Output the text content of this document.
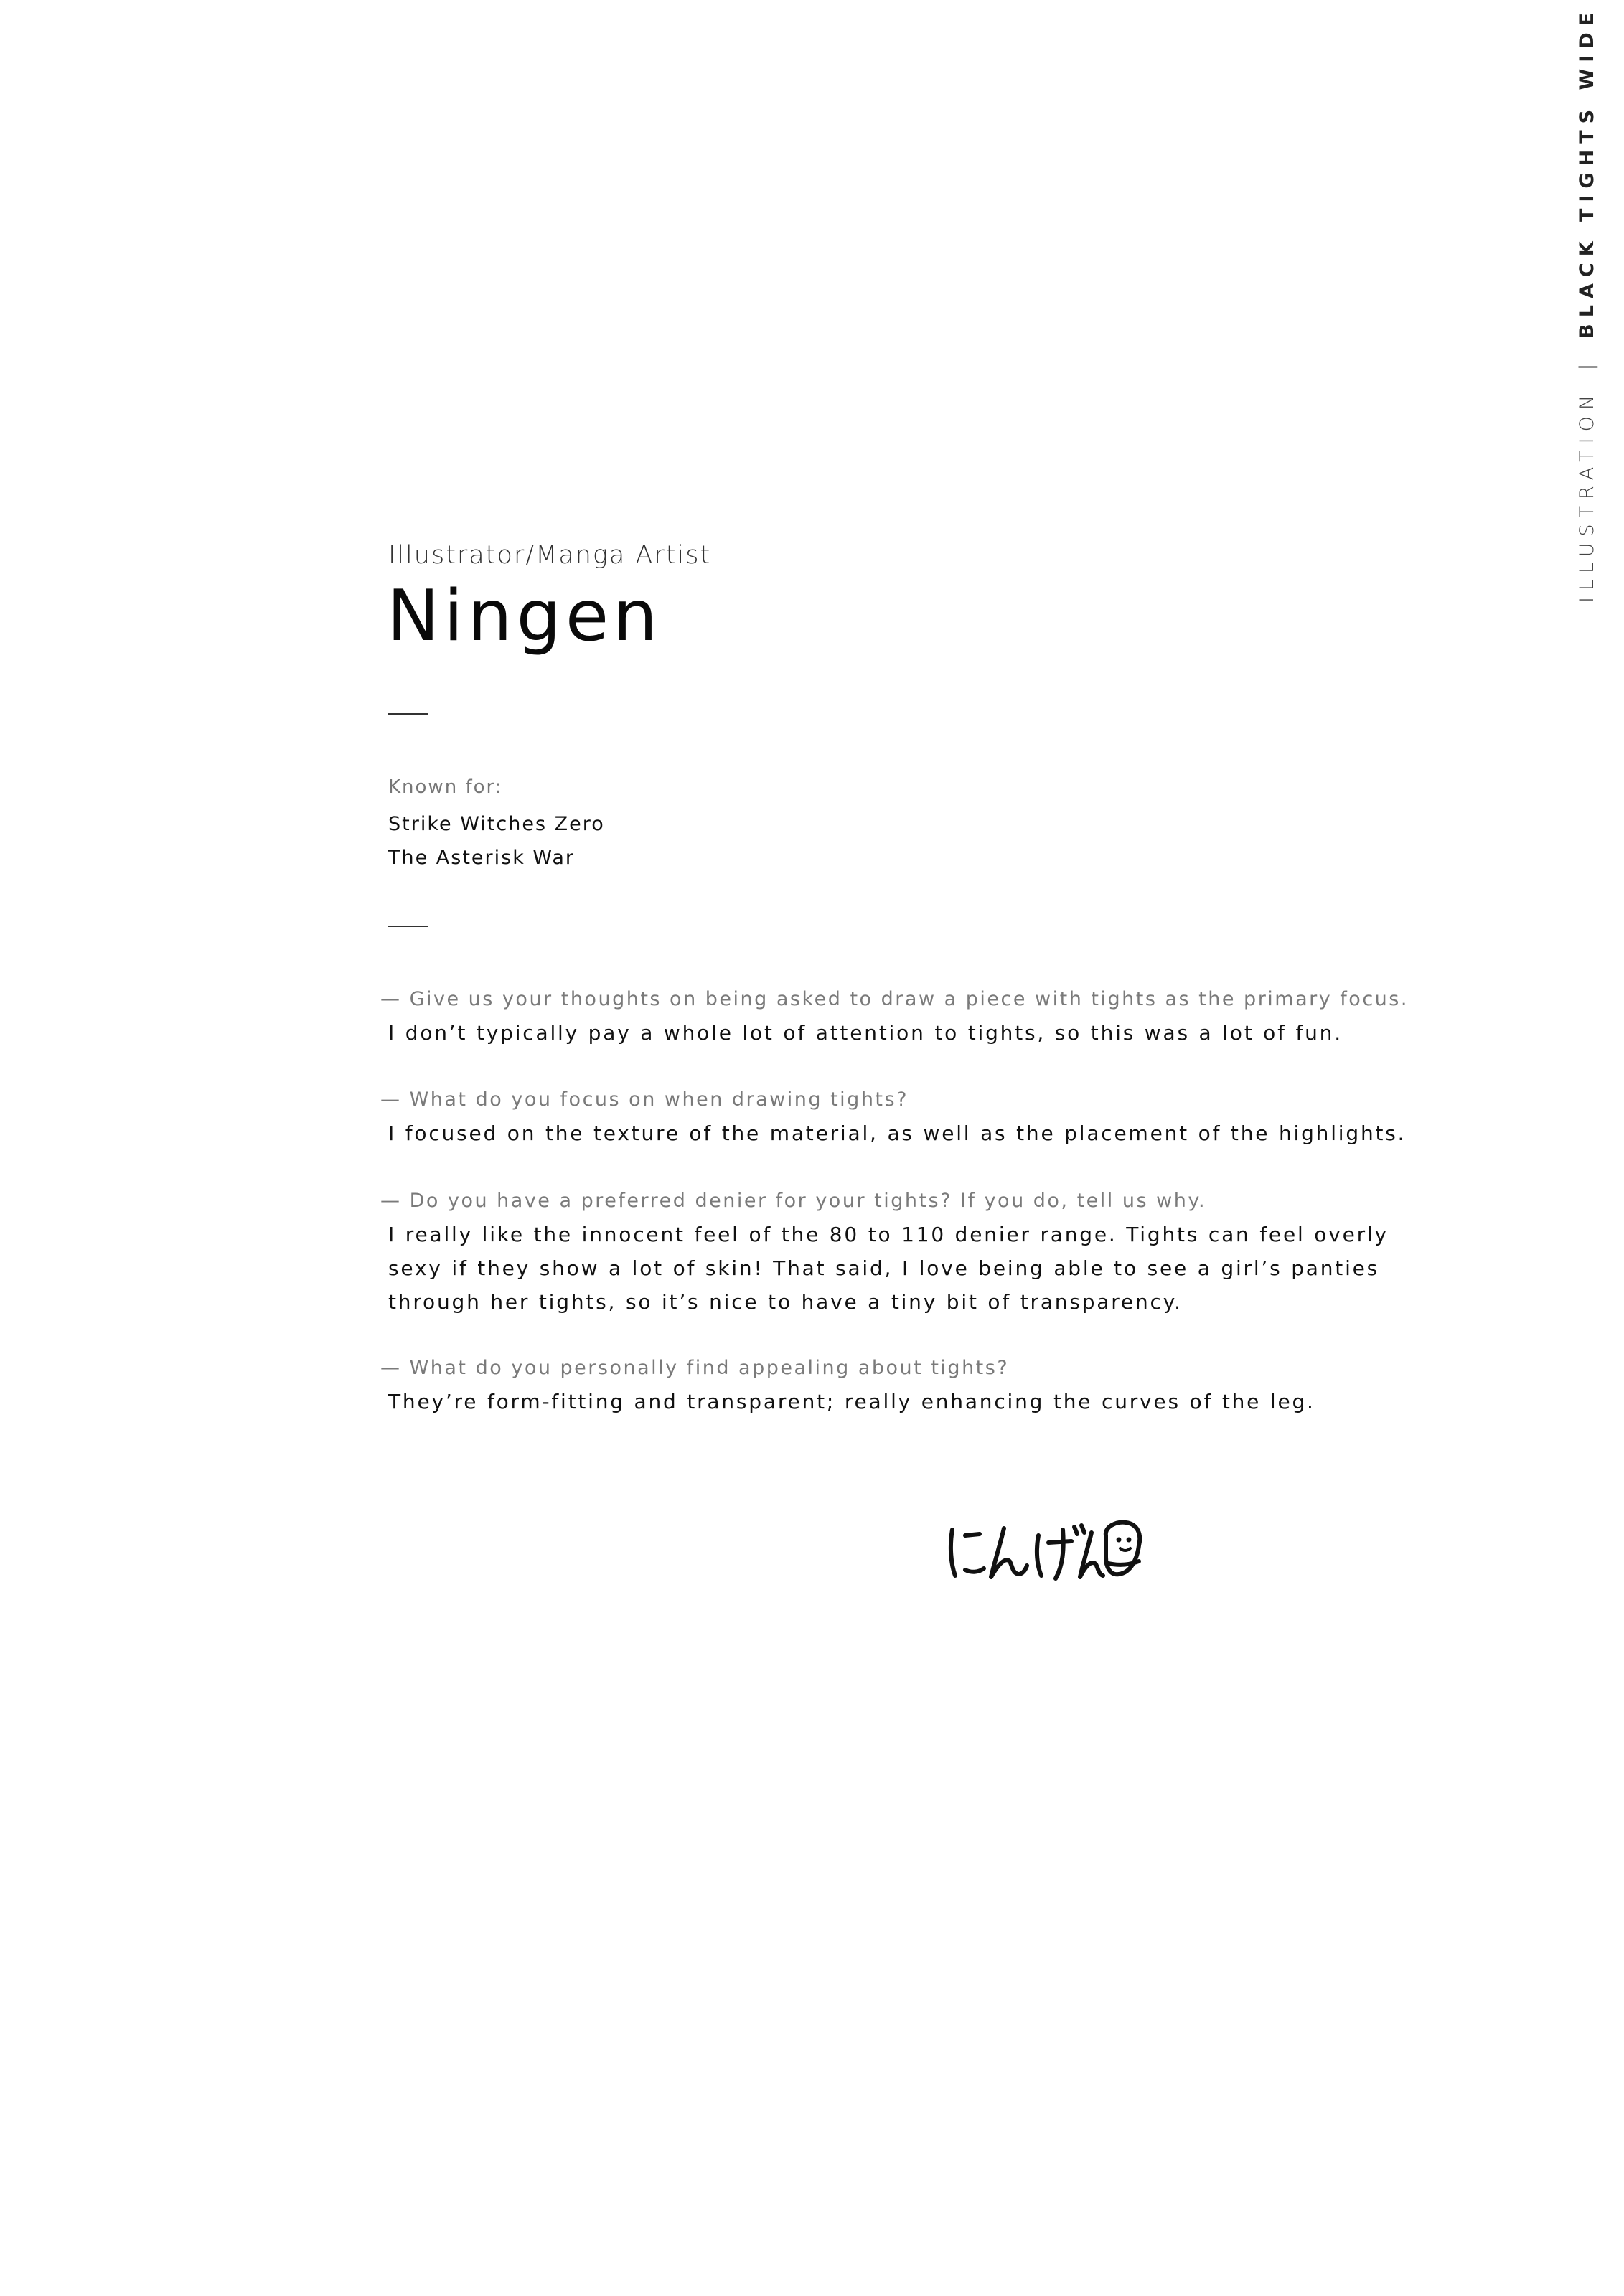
ILLUSTRATION|BLACK TIGHTS WIDE
Illustrator/Manga Artist
Ningen
Known for:
Strike Witches Zero
The Asterisk War
— Give us your thoughts on being asked to draw a piece with tights as the primary focus.
I don’t typically pay a whole lot of attention to tights, so this was a lot of fun.
— What do you focus on when drawing tights?
I focused on the texture of the material, as well as the placement of the highlights.
— Do you have a preferred denier for your tights? If you do, tell us why.
I really like the innocent feel of the 80 to 110 denier range. Tights can feel overly sexy if they show a lot of skin! That said, I love being able to see a girl’s panties through her tights, so it’s nice to have a tiny bit of transparency.
— What do you personally find appealing about tights?
They’re form-fitting and transparent; really enhancing the curves of the leg.
